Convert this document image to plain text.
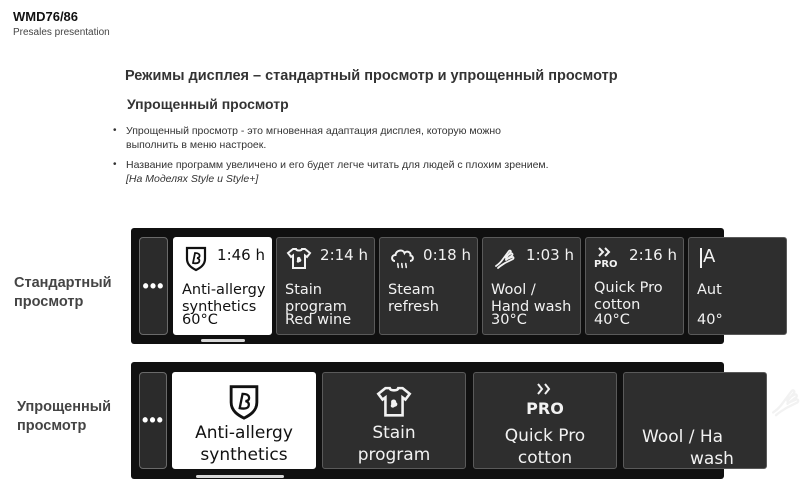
WMD76/86
Presales presentation
Режимы дисплея – стандартный просмотр и упрощенный просмотр
Упрощенный просмотр
• Упрощенный просмотр - это мгновенная адаптация дисплея, которую можно выполнить в меню настроек.
• Название программ увеличено и его будет легче читать для людей с плохим зрением.
[На Моделях Style и Style+]
Стандартный просмотр
Упрощенный просмотр
•••
1:46 h
Anti-allergy
synthetics
60°C
2:14 h
Stain
program
Red wine
0:18 h
Steam
refresh
1:03 h
Wool /
Hand wash
30°C
PRO
2:16 h
Quick Pro
cotton
40°C
A
Aut
40°
•••
Anti-allergy
synthetics
Stain
program
PRO
Quick Pro
cotton
Wool / Ha
wash
